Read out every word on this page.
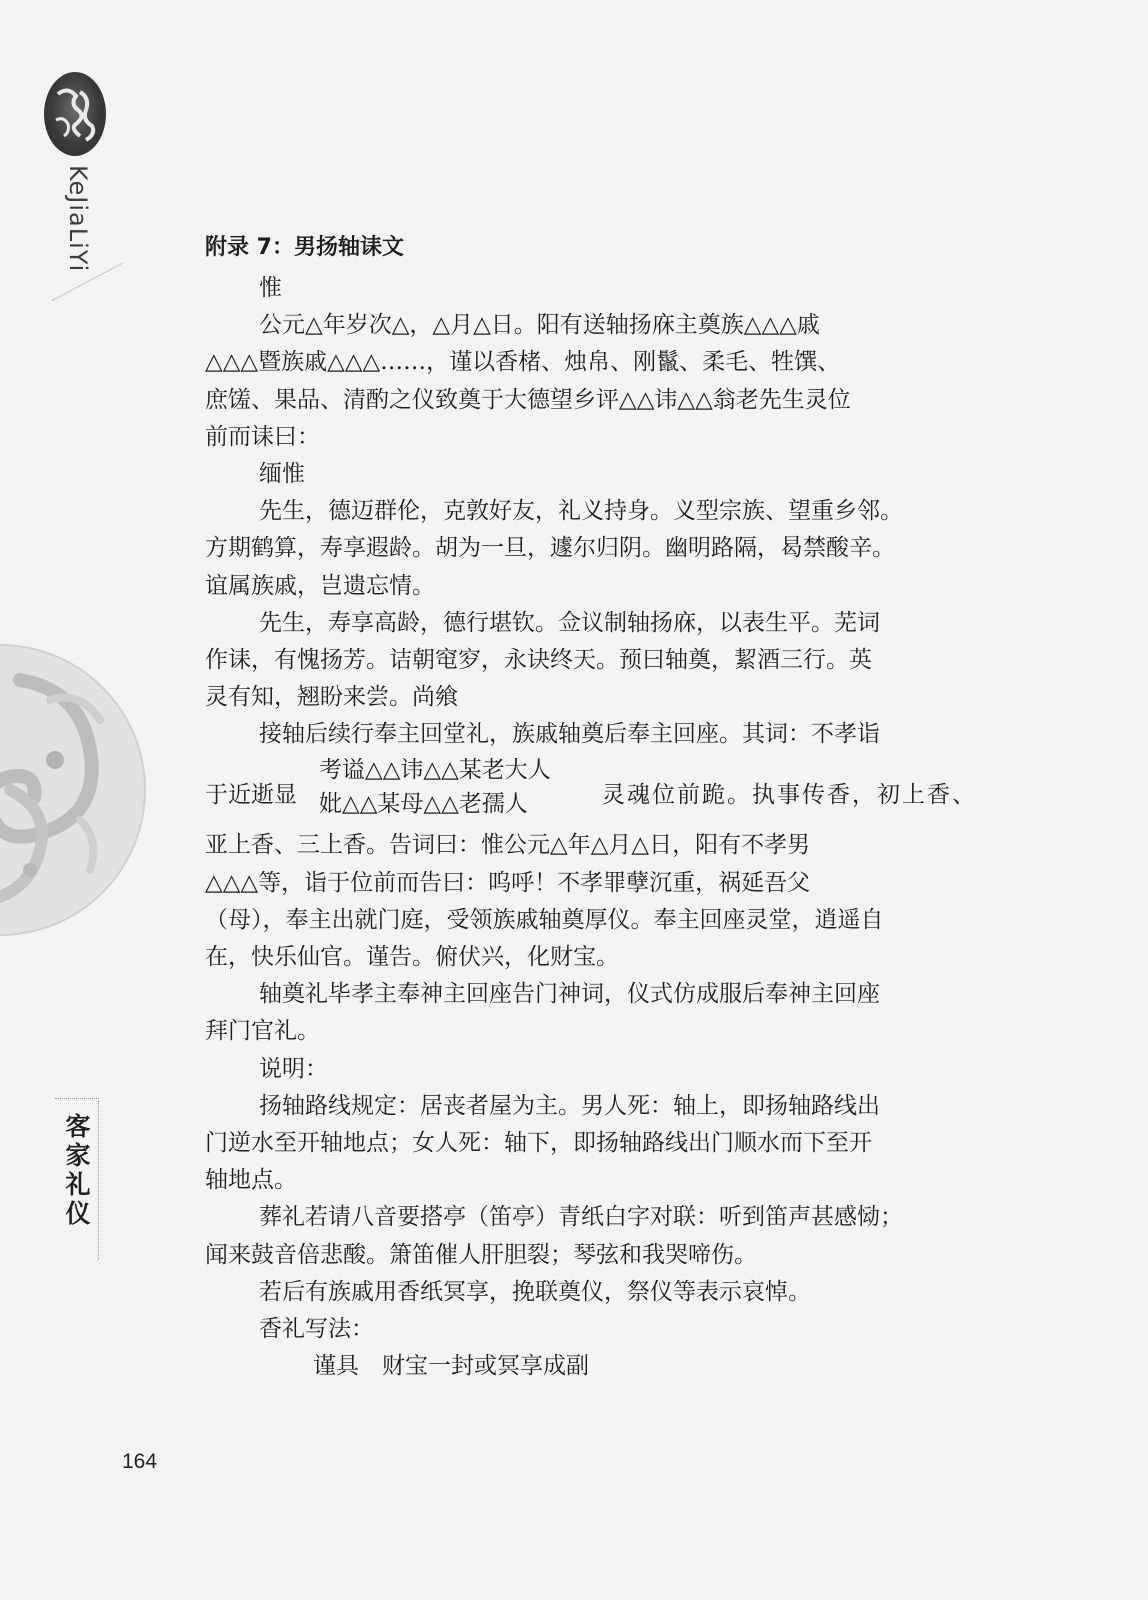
KeJiaLiYi
客家礼仪
附录 7：男扬轴诔文
惟
公元△年岁次△，△月△日。阳有送轴扬庥主奠族△△△戚
△△△暨族戚△△△……，谨以香楮、烛帛、刚鬣、柔毛、牲馔、
庶馐、果品、清酌之仪致奠于大德望乡评△△讳△△翁老先生灵位
前而诔曰：
缅惟
先生，德迈群伦，克敦好友，礼义持身。义型宗族、望重乡邻。
方期鹤算，寿享遐龄。胡为一旦，遽尔归阴。幽明路隔，曷禁酸辛。
谊属族戚，岂遗忘情。
先生，寿享高龄，德行堪钦。佥议制轴扬庥，以表生平。芜词
作诔，有愧扬芳。诘朝窀穸，永诀终天。预曰轴奠，絜酒三行。英
灵有知，翘盼来尝。尚飨
接轴后续行奉主回堂礼，族戚轴奠后奉主回座。其词：不孝诣
于近逝显
考谥△△讳△△某老大人
妣△△某母△△老孺人	灵魂位前跪。执事传香，初上香、
亚上香、三上香。告词曰：惟公元△年△月△日，阳有不孝男
△△△等，诣于位前而告曰：呜呼！不孝罪孽沉重，祸延吾父
（母），奉主出就门庭，受领族戚轴奠厚仪。奉主回座灵堂，逍遥自
在，快乐仙官。谨告。俯伏兴，化财宝。
轴奠礼毕孝主奉神主回座告门神词，仪式仿成服后奉神主回座
拜门官礼。
说明：
扬轴路线规定：居丧者屋为主。男人死：轴上，即扬轴路线出
门逆水至开轴地点；女人死：轴下，即扬轴路线出门顺水而下至开
轴地点。
葬礼若请八音要搭亭（笛亭）青纸白字对联：听到笛声甚感恸；
闻来鼓音倍悲酸。箫笛催人肝胆裂；琴弦和我哭啼伤。
若后有族戚用香纸冥享，挽联奠仪，祭仪等表示哀悼。
香礼写法：
谨具　财宝一封或冥享成副
164
